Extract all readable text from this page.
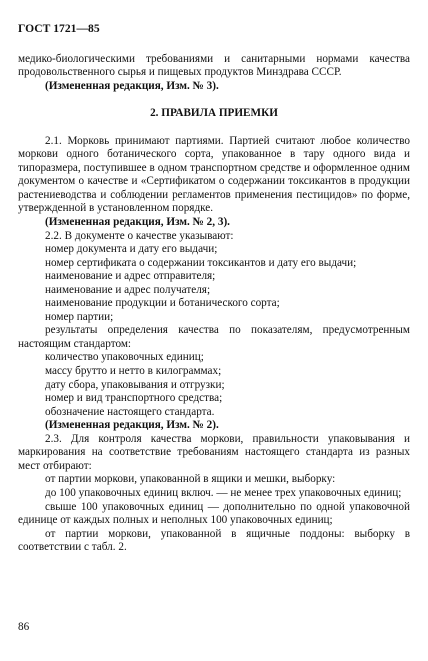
ГОСТ 1721—85

медико-биологическими требованиями и санитарными нормами качества продовольственного сырья и пищевых продуктов Минздрава СССР.

(Измененная редакция, Изм. № 3).

2. ПРАВИЛА ПРИЕМКИ

2.1. Морковь принимают партиями. Партией считают любое количество моркови одного ботанического сорта, упакованное в тару одного вида и типоразмера, поступившее в одном транспортном средстве и оформленное одним документом о качестве и «Сертификатом о содержании токсикантов в продукции растениеводства и соблюдении регламентов применения пестицидов» по форме, утвержденной в установленном порядке.

(Измененная редакция, Изм. № 2, 3).

2.2. В документе о качестве указывают:

номер документа и дату его выдачи;

номер сертификата о содержании токсикантов и дату его выдачи;

наименование и адрес отправителя;

наименование и адрес получателя;

наименование продукции и ботанического сорта;

номер партии;

результаты определения качества по показателям, предусмотренным настоящим стандартом:

количество упаковочных единиц;

массу брутто и нетто в килограммах;

дату сбора, упаковывания и отгрузки;

номер и вид транспортного средства;

обозначение настоящего стандарта.

(Измененная редакция, Изм. № 2).

2.3. Для контроля качества моркови, правильности упаковывания и маркирования на соответствие требованиям настоящего стандарта из разных мест отбирают:

от партии моркови, упакованной в ящики и мешки, выборку:

до 100 упаковочных единиц включ. — не менее трех упаковочных единиц;

свыше 100 упаковочных единиц — дополнительно по одной упаковочной единице от каждых полных и неполных 100 упаковочных единиц;

от партии моркови, упакованной в ящичные поддоны: выборку в соответствии с табл. 2.

86
